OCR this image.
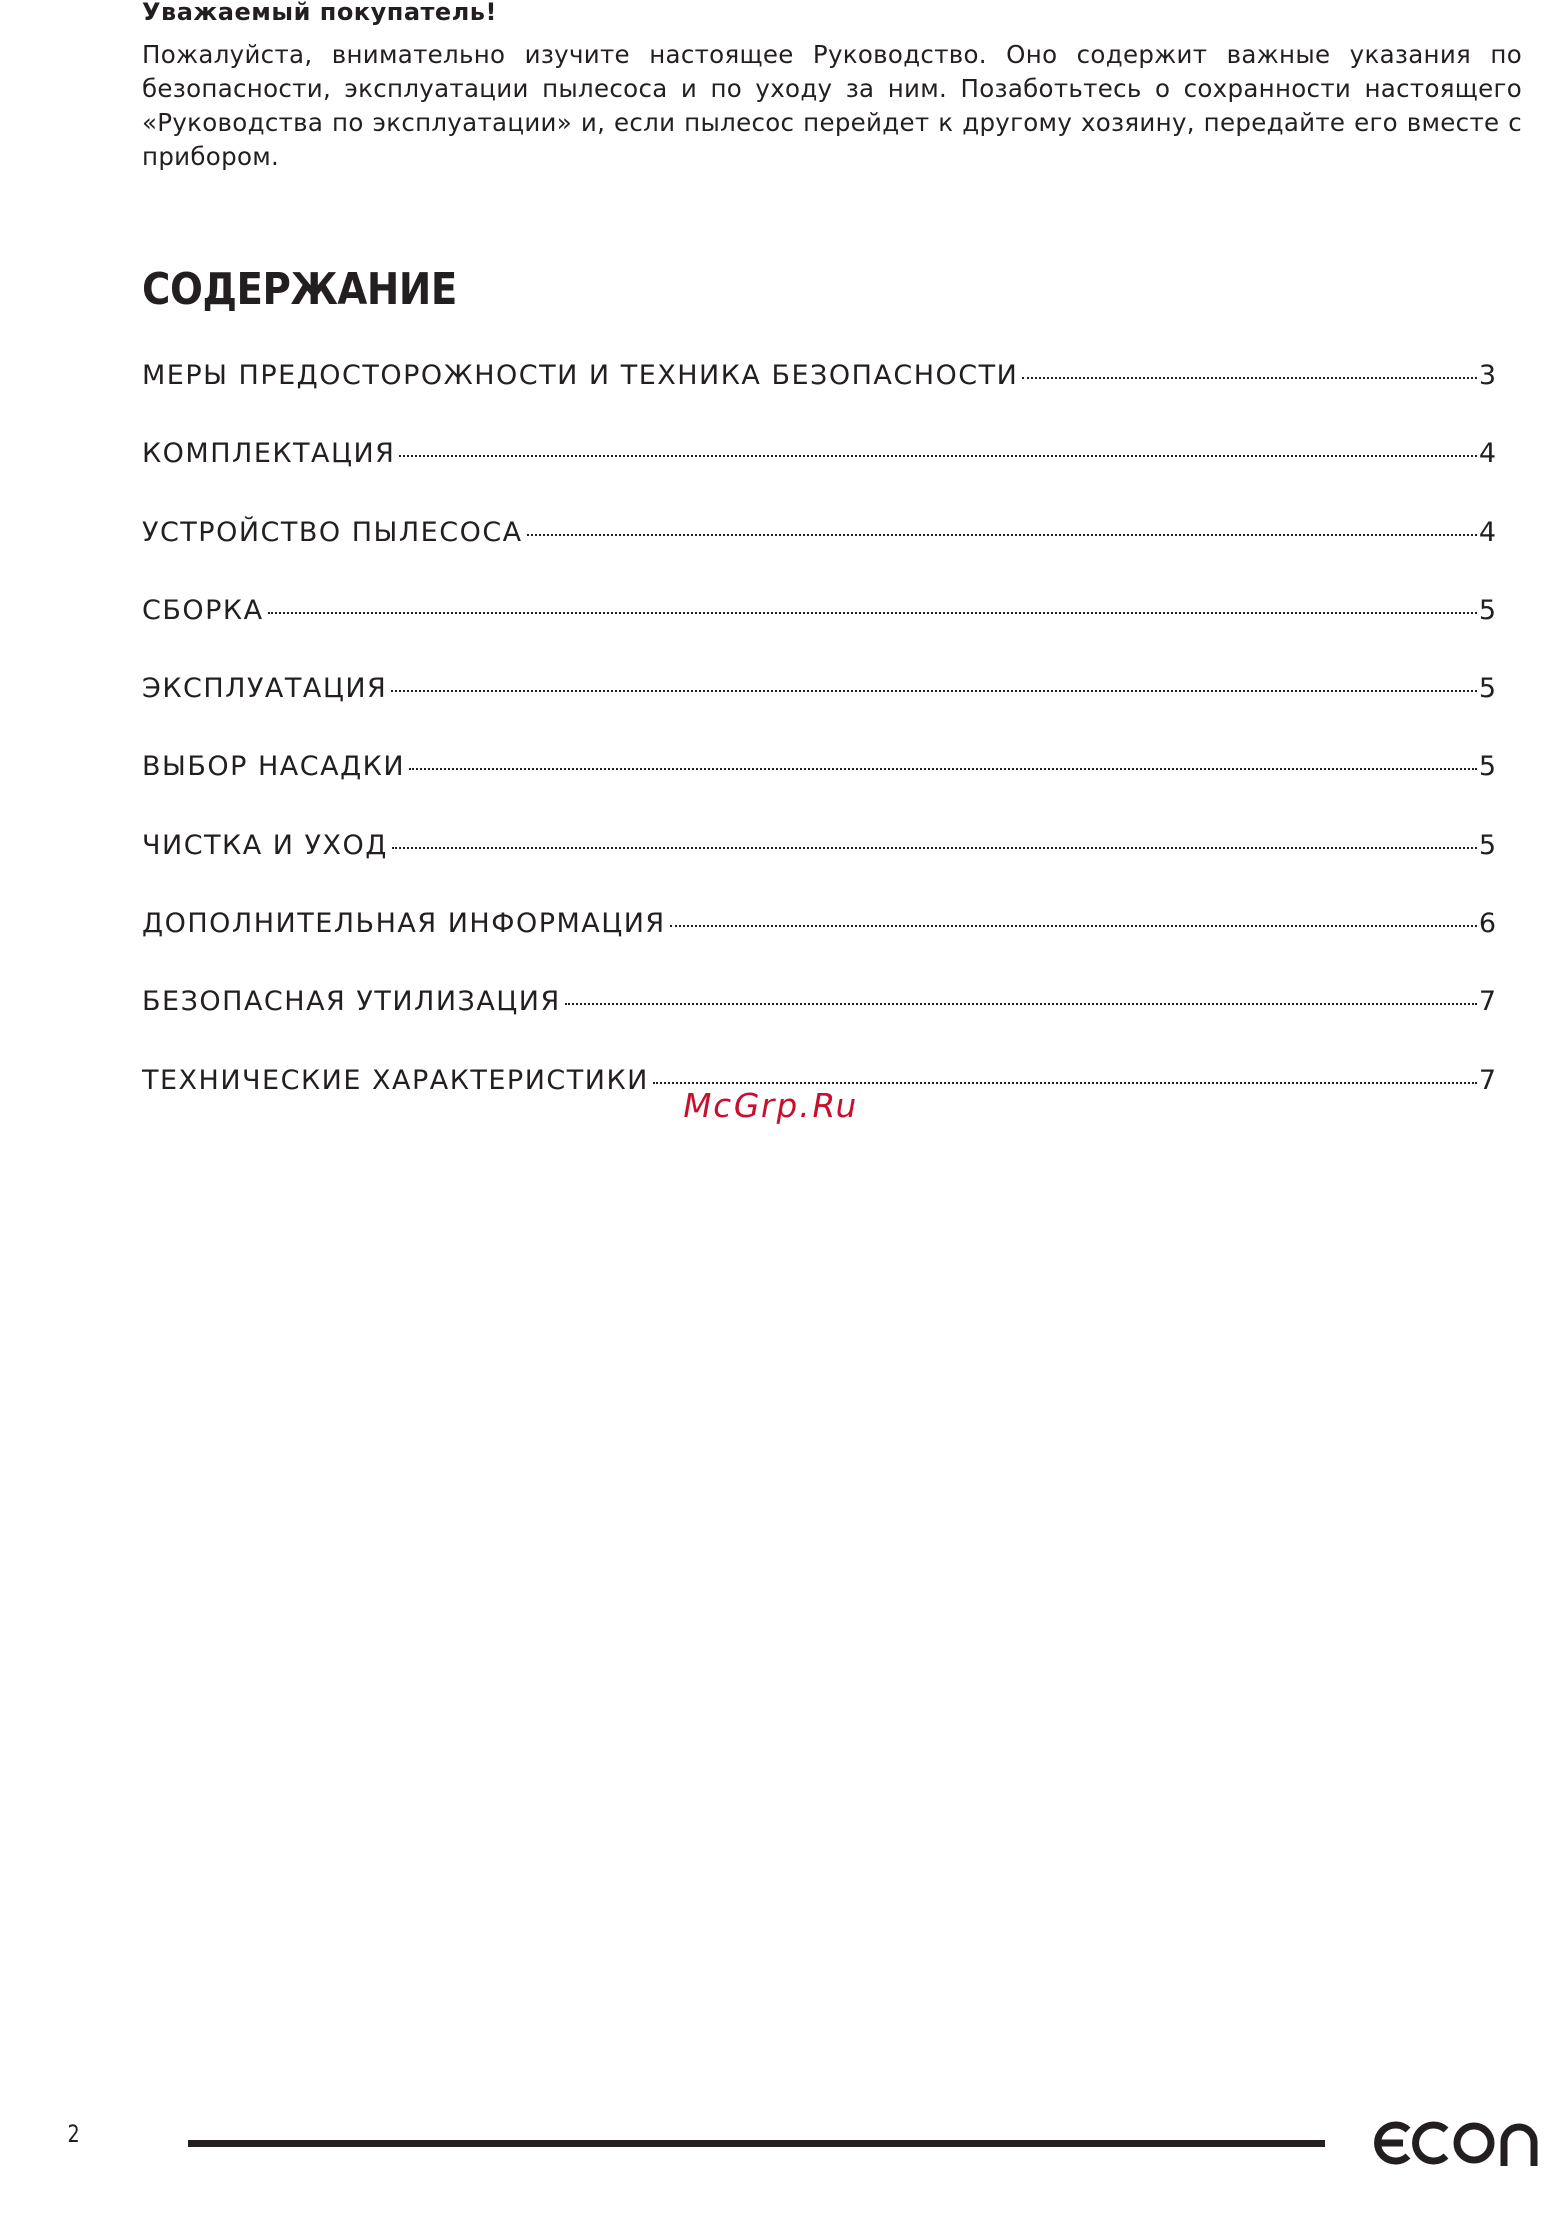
Уважаемый покупатель!
Пожалуйста, внимательно изучите настоящее Руководство. Оно содержит важные указания по безопасности, эксплуатации пылесоса и по уходу за ним. Позаботьтесь о сохранности настоящего «Руководства по эксплуатации» и, если пылесос перейдет к другому хозяину, передайте его вместе с прибором.
СОДЕРЖАНИЕ
МЕРЫ ПРЕДОСТОРОЖНОСТИ И ТЕХНИКА БЕЗОПАСНОСТИ	3
КОМПЛЕКТАЦИЯ	4
УСТРОЙСТВО ПЫЛЕСОСА	4
СБОРКА	5
ЭКСПЛУАТАЦИЯ	5
ВЫБОР НАСАДКИ	5
ЧИСТКА И УХОД	5
ДОПОЛНИТЕЛЬНАЯ ИНФОРМАЦИЯ	6
БЕЗОПАСНАЯ УТИЛИЗАЦИЯ	7
ТЕХНИЧЕСКИЕ ХАРАКТЕРИСТИКИ	7
McGrp.Ru
2
